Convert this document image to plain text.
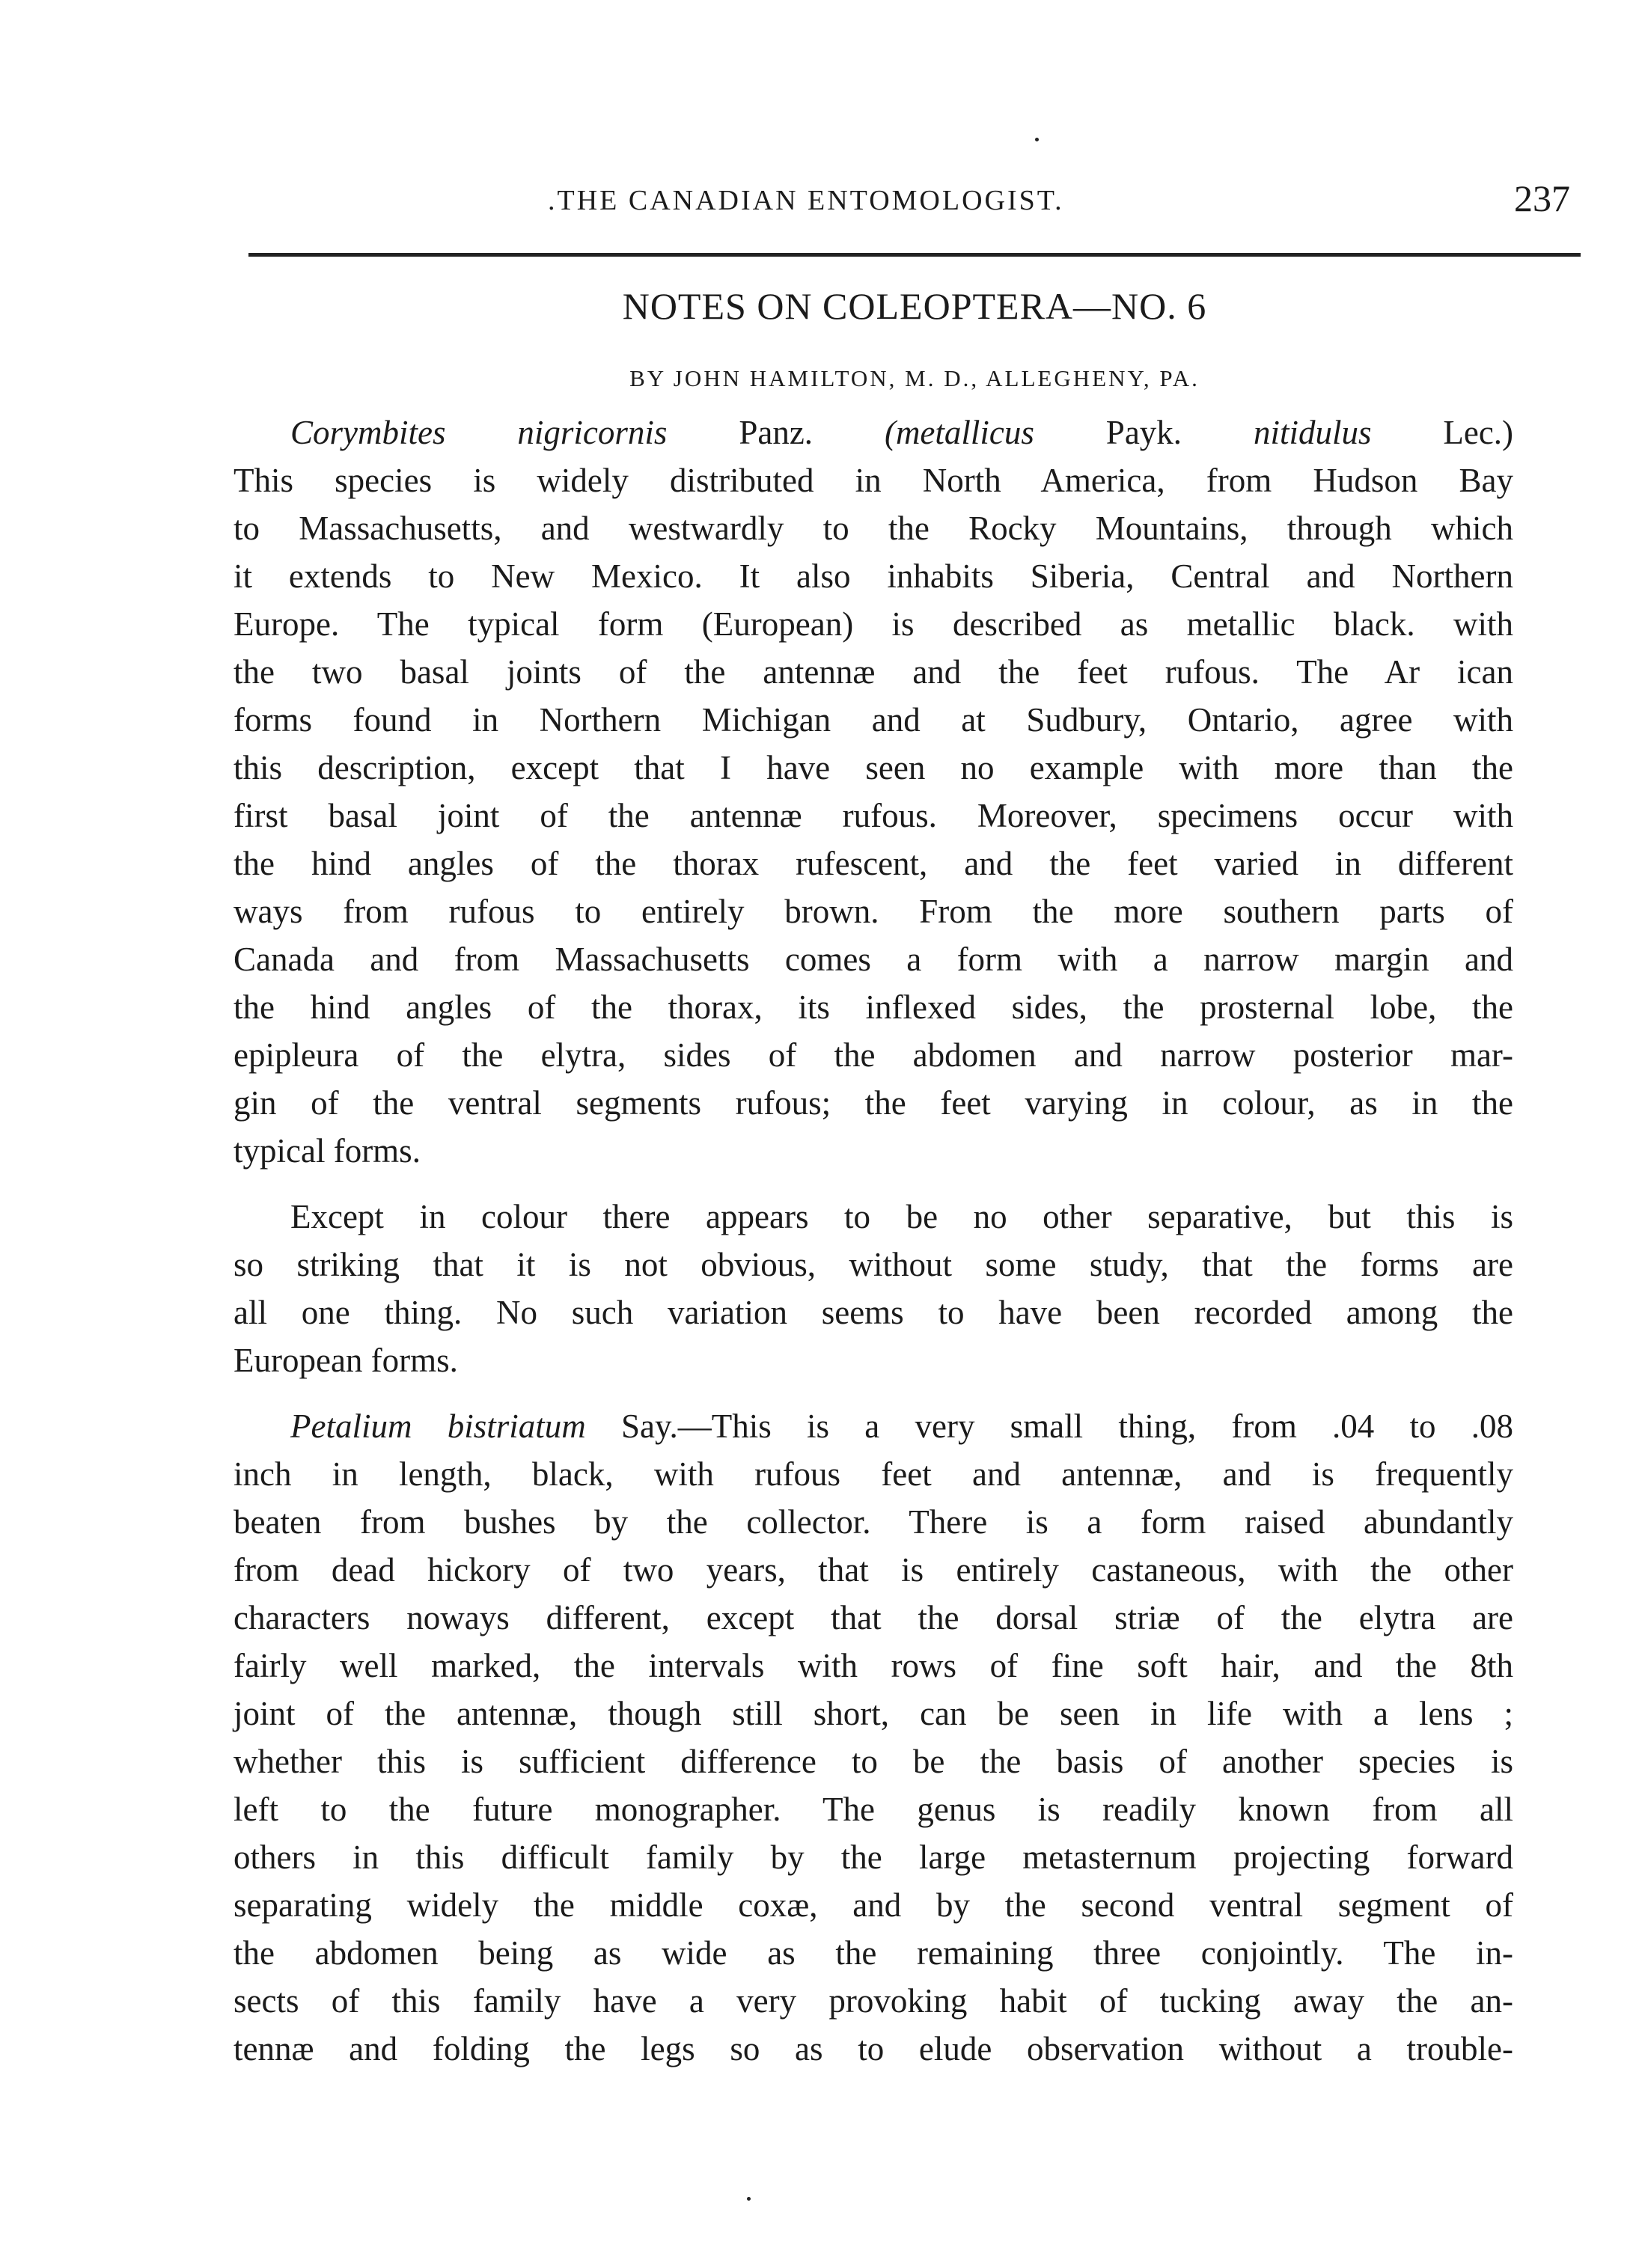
.THE CANADIAN ENTOMOLOGIST.	237
NOTES ON COLEOPTERA—NO. 6
BY JOHN HAMILTON, M. D., ALLEGHENY, PA.
Corymbites nigricornis Panz. (metallicus Payk. nitidulus Lec.)
This species is widely distributed in North America, from Hudson Bay
to Massachusetts, and westwardly to the Rocky Mountains, through which
it extends to New Mexico. It also inhabits Siberia, Central and Northern
Europe. The typical form (European) is described as metallic black. with
the two basal joints of the antennæ and the feet rufous. The Ar ican
forms found in Northern Michigan and at Sudbury, Ontario, agree with
this description, except that I have seen no example with more than the
first basal joint of the antennæ rufous. Moreover, specimens occur with
the hind angles of the thorax rufescent, and the feet varied in different
ways from rufous to entirely brown. From the more southern parts of
Canada and from Massachusetts comes a form with a narrow margin and
the hind angles of the thorax, its inflexed sides, the prosternal lobe, the
epipleura of the elytra, sides of the abdomen and narrow posterior mar-
gin of the ventral segments rufous; the feet varying in colour, as in the
typical forms.
Except in colour there appears to be no other separative, but this is
so striking that it is not obvious, without some study, that the forms are
all one thing. No such variation seems to have been recorded among the
European forms.
Petalium bistriatum Say.—This is a very small thing, from .04 to .08
inch in length, black, with rufous feet and antennæ, and is frequently
beaten from bushes by the collector. There is a form raised abundantly
from dead hickory of two years, that is entirely castaneous, with the other
characters noways different, except that the dorsal striæ of the elytra are
fairly well marked, the intervals with rows of fine soft hair, and the 8th
joint of the antennæ, though still short, can be seen in life with a lens ;
whether this is sufficient difference to be the basis of another species is
left to the future monographer. The genus is readily known from all
others in this difficult family by the large metasternum projecting forward
separating widely the middle coxæ, and by the second ventral segment of
the abdomen being as wide as the remaining three conjointly. The in-
sects of this family have a very provoking habit of tucking away the an-
tennæ and folding the legs so as to elude observation without a trouble-
